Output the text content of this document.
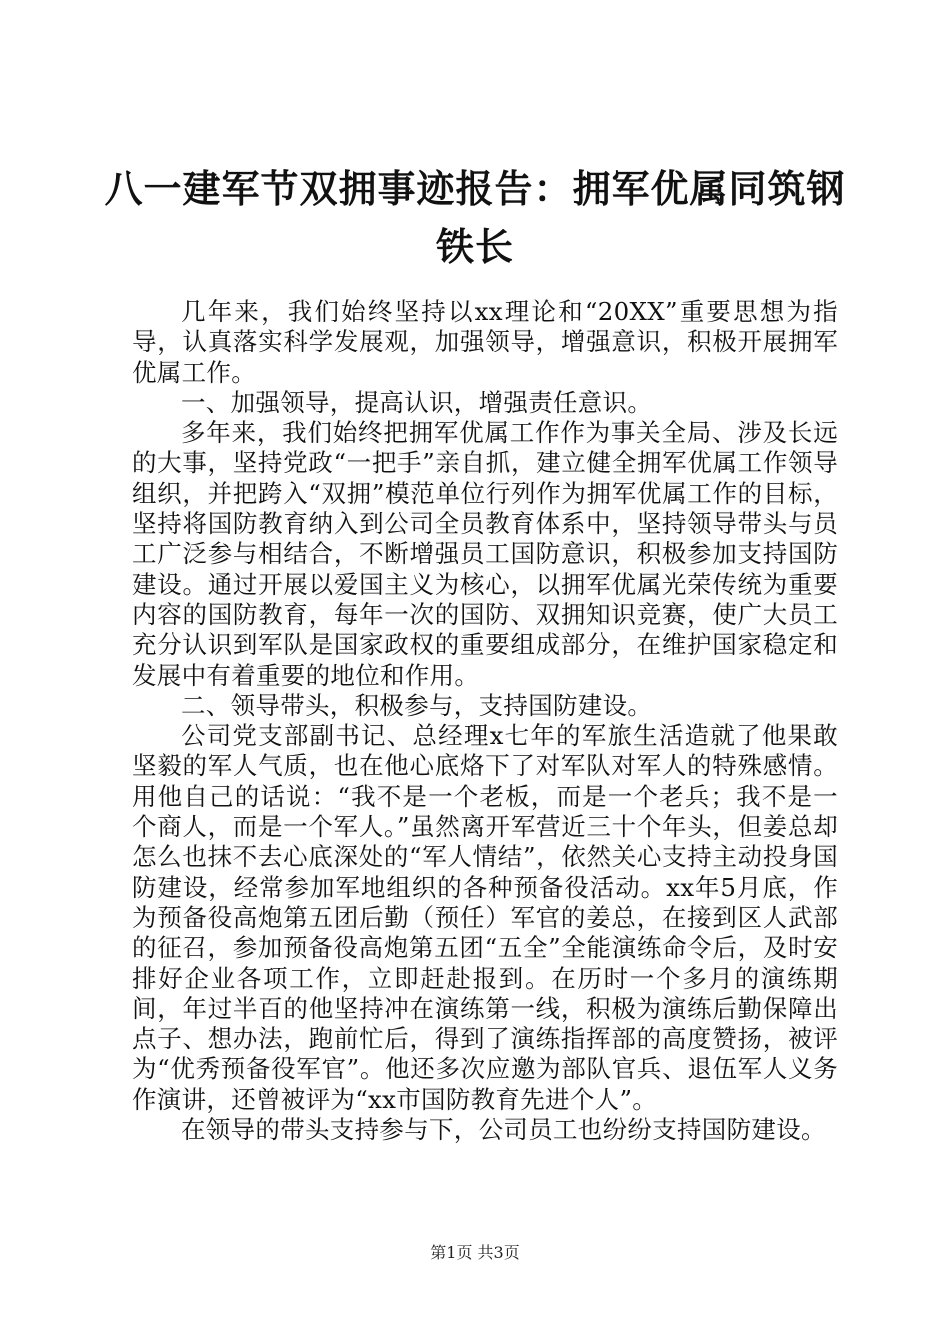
八一建军节双拥事迹报告：拥军优属同筑钢铁长

几年来，我们始终坚持以xx理论和“20XX”重要思想为指导，认真落实科学发展观，加强领导，增强意识，积极开展拥军优属工作。

一、加强领导，提高认识，增强责任意识。

多年来，我们始终把拥军优属工作作为事关全局、涉及长远的大事，坚持党政“一把手”亲自抓，建立健全拥军优属工作领导组织，并把跨入“双拥”模范单位行列作为拥军优属工作的目标，坚持将国防教育纳入到公司全员教育体系中，坚持领导带头与员工广泛参与相结合，不断增强员工国防意识，积极参加支持国防建设。通过开展以爱国主义为核心，以拥军优属光荣传统为重要内容的国防教育，每年一次的国防、双拥知识竞赛，使广大员工充分认识到军队是国家政权的重要组成部分，在维护国家稳定和发展中有着重要的地位和作用。

二、领导带头，积极参与，支持国防建设。

公司党支部副书记、总经理x七年的军旅生活造就了他果敢坚毅的军人气质，也在他心底烙下了对军队对军人的特殊感情。用他自己的话说：“我不是一个老板，而是一个老兵；我不是一个商人，而是一个军人。”虽然离开军营近三十个年头，但姜总却怎么也抹不去心底深处的“军人情结”，依然关心支持主动投身国防建设，经常参加军地组织的各种预备役活动。xx年5月底，作为预备役高炮第五团后勤（预任）军官的姜总，在接到区人武部的征召，参加预备役高炮第五团“五全”全能演练命令后，及时安排好企业各项工作，立即赶赴报到。在历时一个多月的演练期间，年过半百的他坚持冲在演练第一线，积极为演练后勤保障出点子、想办法，跑前忙后，得到了演练指挥部的高度赞扬，被评为“优秀预备役军官”。他还多次应邀为部队官兵、退伍军人义务作演讲，还曾被评为“xx市国防教育先进个人”。

在领导的带头支持参与下，公司员工也纷纷支持国防建设。

第1页 共3页
